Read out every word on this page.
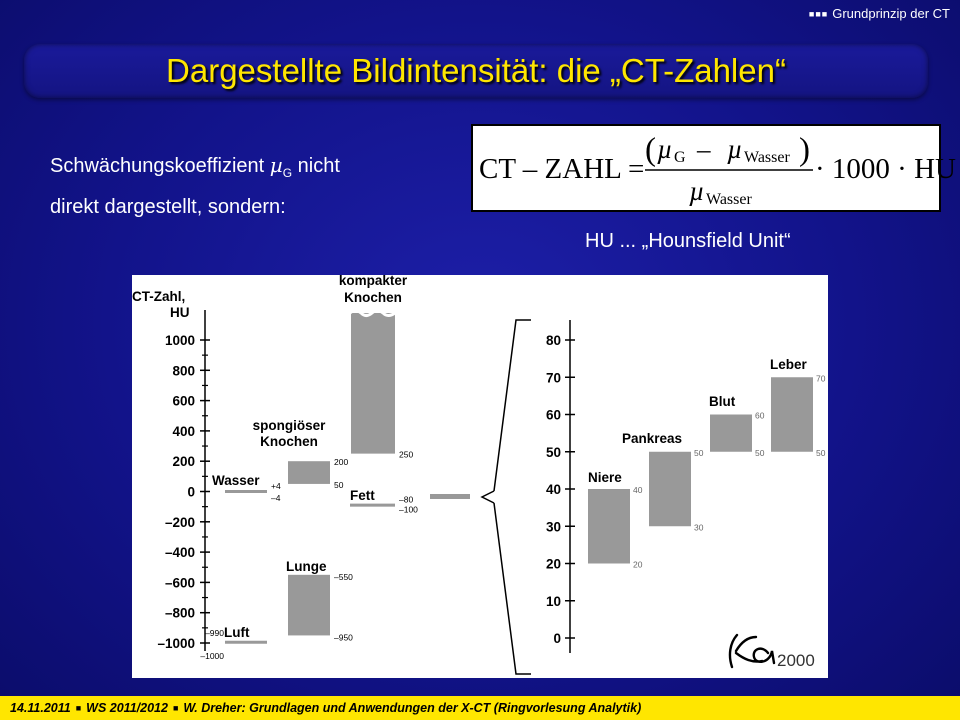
■■■ Grundprinzip der CT
Dargestellte Bildintensität: die „CT-Zahlen“
Schwächungskoeffizient µ$_G$ nicht
direkt dargestellt, sondern:
CT – ZAHL =
( µ G – µ Wasser )
µ Wasser
· 1000 · HU
HU ... „Hounsfield Unit“
CT-Zahl,
HU
1000
800
600
400
200
0
–200
–400
–600
–800
–1000
kompakter
Knochen
250
spongiöser
Knochen
200
50
Wasser +4
–4	Fett	–80
–100
Lunge
–550
–950
Luft
–990
–1000
80
70
60
50
40
30
20
10
0
Niere
40
20
Pankreas
50
30
Blut
60
50
Leber
70
50
2000
14.11.2011 ■ WS 2011/2012 ■ W. Dreher: Grundlagen und Anwendungen der X-CT (Ringvorlesung Analytik)
